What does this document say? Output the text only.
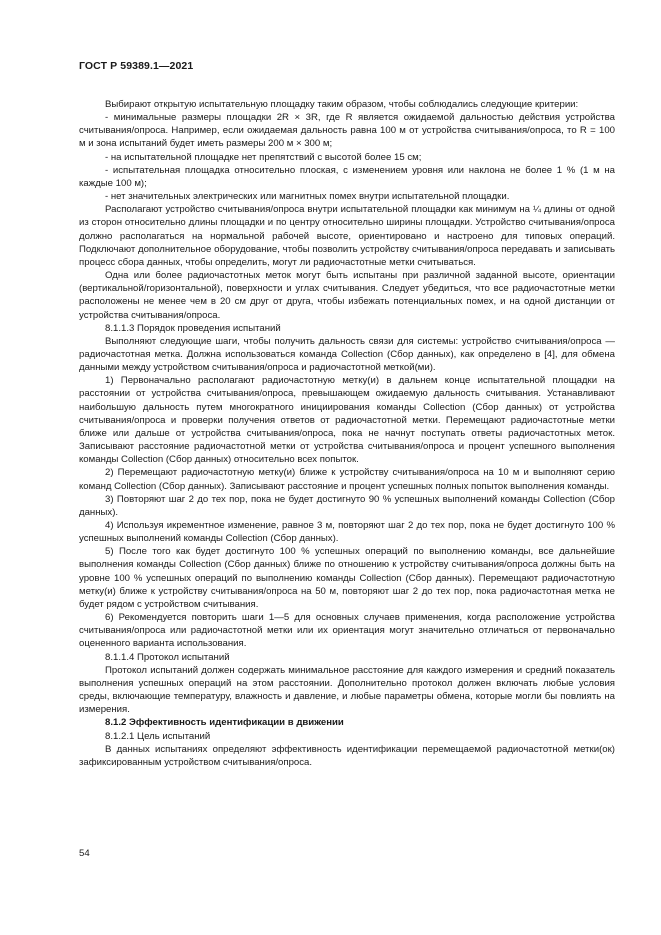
ГОСТ Р 59389.1—2021

Выбирают открытую испытательную площадку таким образом, чтобы соблюдались следующие критерии:

- минимальные размеры площадки 2R × 3R, где R является ожидаемой дальностью действия устройства считывания/опроса. Например, если ожидаемая дальность равна 100 м от устройства считывания/опроса, то R = 100 м и зона испытаний будет иметь размеры 200 м × 300 м;

- на испытательной площадке нет препятствий с высотой более 15 см;

- испытательная площадка относительно плоская, с изменением уровня или наклона не более 1 % (1 м на каждые 100 м);

- нет значительных электрических или магнитных помех внутри испытательной площадки.

Располагают устройство считывания/опроса внутри испытательной площадки как минимум на ¼ длины от одной из сторон относительно длины площадки и по центру относительно ширины площадки. Устройство считывания/опроса должно располагаться на нормальной рабочей высоте, ориентировано и настроено для типовых операций. Подключают дополнительное оборудование, чтобы позволить устройству считывания/опроса передавать и записывать процесс сбора данных, чтобы определить, могут ли радиочастотные метки считываться.

Одна или более радиочастотных меток могут быть испытаны при различной заданной высоте, ориентации (вертикальной/горизонтальной), поверхности и углах считывания. Следует убедиться, что все радиочастотные метки расположены не менее чем в 20 см друг от друга, чтобы избежать потенциальных помех, и на одной дистанции от устройства считывания/опроса.

8.1.1.3 Порядок проведения испытаний

Выполняют следующие шаги, чтобы получить дальность связи для системы: устройство считывания/опроса — радиочастотная метка. Должна использоваться команда Collection (Сбор данных), как определено в [4], для обмена данными между устройством считывания/опроса и радиочастотной меткой(ми).

1) Первоначально располагают радиочастотную метку(и) в дальнем конце испытательной площадки на расстоянии от устройства считывания/опроса, превышающем ожидаемую дальность считывания. Устанавливают наибольшую дальность путем многократного инициирования команды Collection (Сбор данных) от устройства считывания/опроса и проверки получения ответов от радиочастотной метки. Перемещают радиочастотные метки ближе или дальше от устройства считывания/опроса, пока не начнут поступать ответы радиочастотных меток. Записывают расстояние радиочастотной метки от устройства считывания/опроса и процент успешного выполнения команды Collection (Сбор данных) относительно всех попыток.

2) Перемещают радиочастотную метку(и) ближе к устройству считывания/опроса на 10 м и выполняют серию команд Collection (Сбор данных). Записывают расстояние и процент успешных полных попыток выполнения команды.

3) Повторяют шаг 2 до тех пор, пока не будет достигнуто 90 % успешных выполнений команды Collection (Сбор данных).

4) Используя икрементное изменение, равное 3 м, повторяют шаг 2 до тех пор, пока не будет достигнуто 100 % успешных выполнений команды Collection (Сбор данных).

5) После того как будет достигнуто 100 % успешных операций по выполнению команды, все дальнейшие выполнения команды Collection (Сбор данных) ближе по отношению к устройству считывания/опроса должны быть на уровне 100 % успешных операций по выполнению команды Collection (Сбор данных). Перемещают радиочастотную метку(и) ближе к устройству считывания/опроса на 50 м, повторяют шаг 2 до тех пор, пока радиочастотная метка не будет рядом с устройством считывания.

6) Рекомендуется повторить шаги 1—5 для основных случаев применения, когда расположение устройства считывания/опроса или радиочастотной метки или их ориентация могут значительно отличаться от первоначально оцененного варианта использования.

8.1.1.4 Протокол испытаний

Протокол испытаний должен содержать минимальное расстояние для каждого измерения и средний показатель выполнения успешных операций на этом расстоянии. Дополнительно протокол должен включать любые условия среды, включающие температуру, влажность и давление, и любые параметры обмена, которые могли бы повлиять на измерения.

8.1.2 Эффективность идентификации в движении

8.1.2.1 Цель испытаний

В данных испытаниях определяют эффективность идентификации перемещаемой радиочастотной метки(ок) зафиксированным устройством считывания/опроса.

54
